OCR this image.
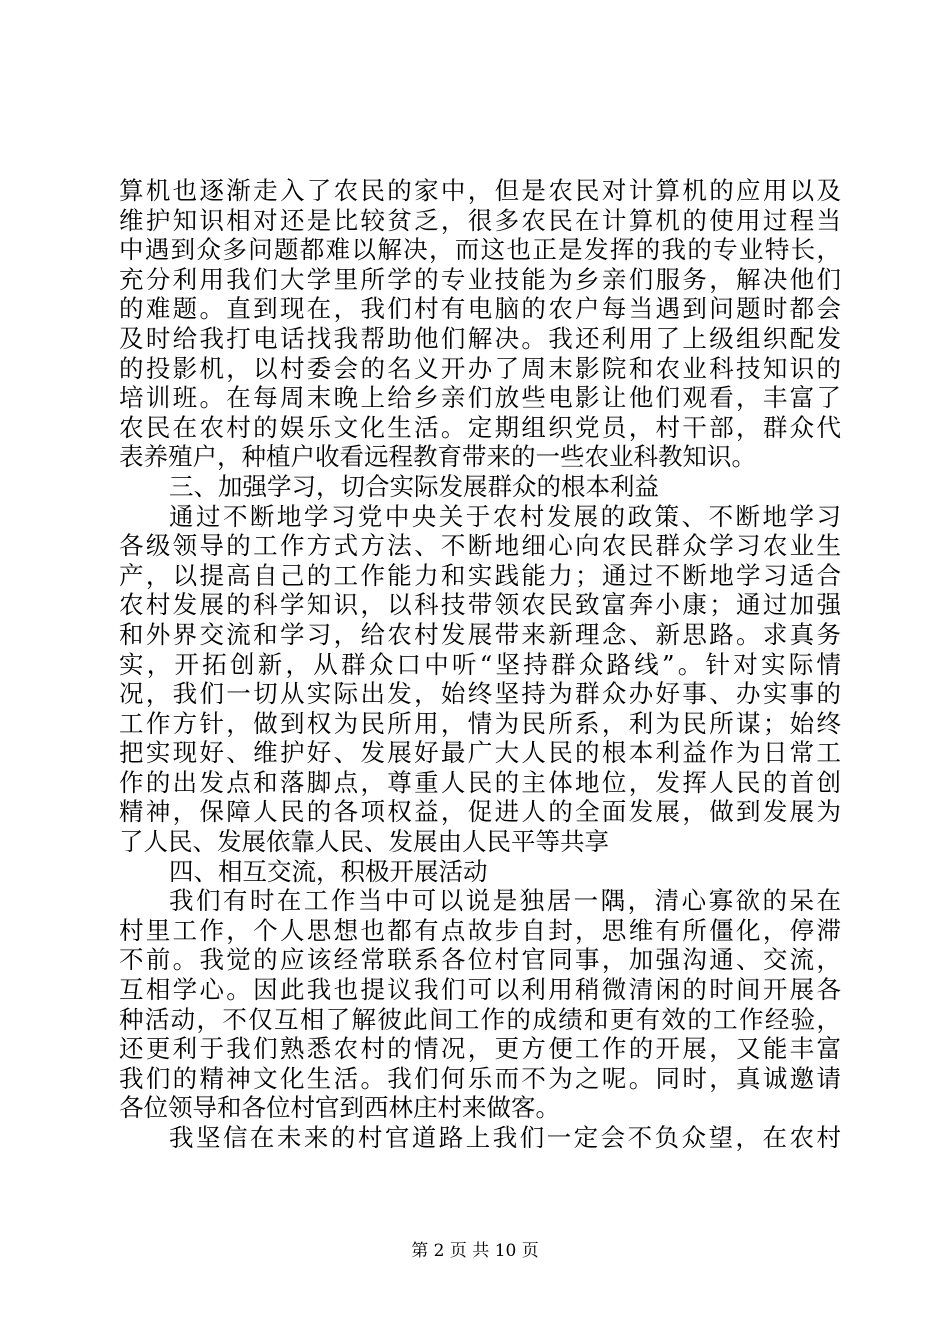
算机也逐渐走入了农民的家中，但是农民对计算机的应用以及
维护知识相对还是比较贫乏，很多农民在计算机的使用过程当
中遇到众多问题都难以解决，而这也正是发挥的我的专业特长，
充分利用我们大学里所学的专业技能为乡亲们服务，解决他们
的难题。直到现在，我们村有电脑的农户每当遇到问题时都会
及时给我打电话找我帮助他们解决。我还利用了上级组织配发
的投影机，以村委会的名义开办了周末影院和农业科技知识的
培训班。在每周末晚上给乡亲们放些电影让他们观看，丰富了
农民在农村的娱乐文化生活。定期组织党员，村干部，群众代
表养殖户，种植户收看远程教育带来的一些农业科教知识。
三、加强学习，切合实际发展群众的根本利益
通过不断地学习党中央关于农村发展的政策、不断地学习
各级领导的工作方式方法、不断地细心向农民群众学习农业生
产，以提高自己的工作能力和实践能力；通过不断地学习适合
农村发展的科学知识，以科技带领农民致富奔小康；通过加强
和外界交流和学习，给农村发展带来新理念、新思路。求真务
实，开拓创新，从群众口中听“坚持群众路线”。针对实际情
况，我们一切从实际出发，始终坚持为群众办好事、办实事的
工作方针，做到权为民所用，情为民所系，利为民所谋；始终
把实现好、维护好、发展好最广大人民的根本利益作为日常工
作的出发点和落脚点，尊重人民的主体地位，发挥人民的首创
精神，保障人民的各项权益，促进人的全面发展，做到发展为
了人民、发展依靠人民、发展由人民平等共享
四、相互交流，积极开展活动
我们有时在工作当中可以说是独居一隅，清心寡欲的呆在
村里工作，个人思想也都有点故步自封，思维有所僵化，停滞
不前。我觉的应该经常联系各位村官同事，加强沟通、交流，
互相学心。因此我也提议我们可以利用稍微清闲的时间开展各
种活动，不仅互相了解彼此间工作的成绩和更有效的工作经验，
还更利于我们熟悉农村的情况，更方便工作的开展，又能丰富
我们的精神文化生活。我们何乐而不为之呢。同时，真诚邀请
各位领导和各位村官到西林庄村来做客。
我坚信在未来的村官道路上我们一定会不负众望，在农村
第 2 页 共 10 页
